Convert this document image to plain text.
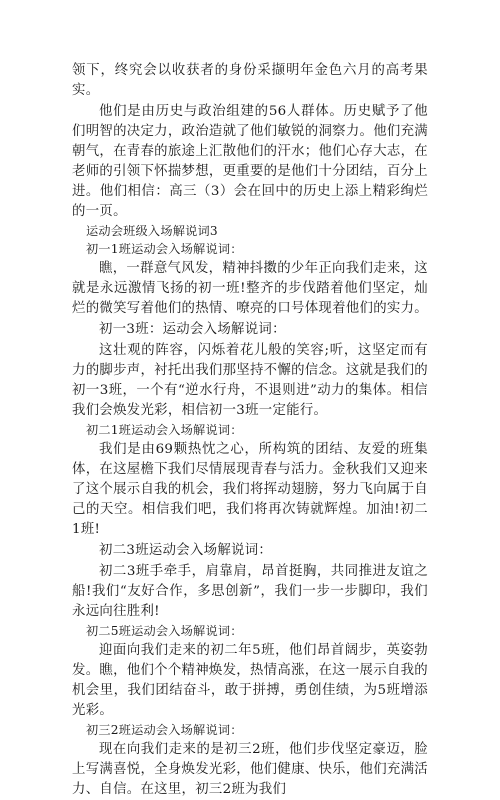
领下，终究会以收获者的身份采撷明年金色六月的高考果实。

他们是由历史与政治组建的56人群体。历史赋予了他们明智的决定力，政治造就了他们敏锐的洞察力。他们充满朝气，在青春的旅途上汇散他们的汗水；他们心存大志，在老师的引领下怀揣梦想，更重要的是他们十分团结，百分上进。他们相信：高三（3）会在回中的历史上添上精彩绚烂的一页。

运动会班级入场解说词3

初一1班运动会入场解说词：

瞧，一群意气风发，精神抖擞的少年正向我们走来，这就是永远激情飞扬的初一班!整齐的步伐踏着他们坚定，灿烂的微笑写着他们的热情、嘹亮的口号体现着他们的实力。

初一3班：运动会入场解说词：

这壮观的阵容，闪烁着花儿般的笑容;听，这坚定而有力的脚步声，衬托出我们那坚持不懈的信念。这就是我们的初一3班，一个有“逆水行舟，不退则进”动力的集体。相信我们会焕发光彩，相信初一3班一定能行。

初二1班运动会入场解说词：

我们是由69颗热忱之心，所构筑的团结、友爱的班集体，在这屋檐下我们尽情展现青春与活力。金秋我们又迎来了这个展示自我的机会，我们将挥动翅膀，努力飞向属于自己的天空。相信我们吧，我们将再次铸就辉煌。加油!初二1班!

初二3班运动会入场解说词：

初二3班手牵手，肩靠肩，昂首挺胸，共同推进友谊之船!我们“友好合作，多思创新”，我们一步一步脚印，我们永远向往胜利!

初二5班运动会入场解说词：

迎面向我们走来的初二年5班，他们昂首阔步，英姿勃发。瞧，他们个个精神焕发，热情高涨，在这一展示自我的机会里，我们团结奋斗，敢于拼搏，勇创佳绩，为5班增添光彩。

初三2班运动会入场解说词：

现在向我们走来的是初三2班，他们步伐坚定豪迈，脸上写满喜悦，全身焕发光彩，他们健康、快乐，他们充满活力、自信。在这里，初三2班为我们
